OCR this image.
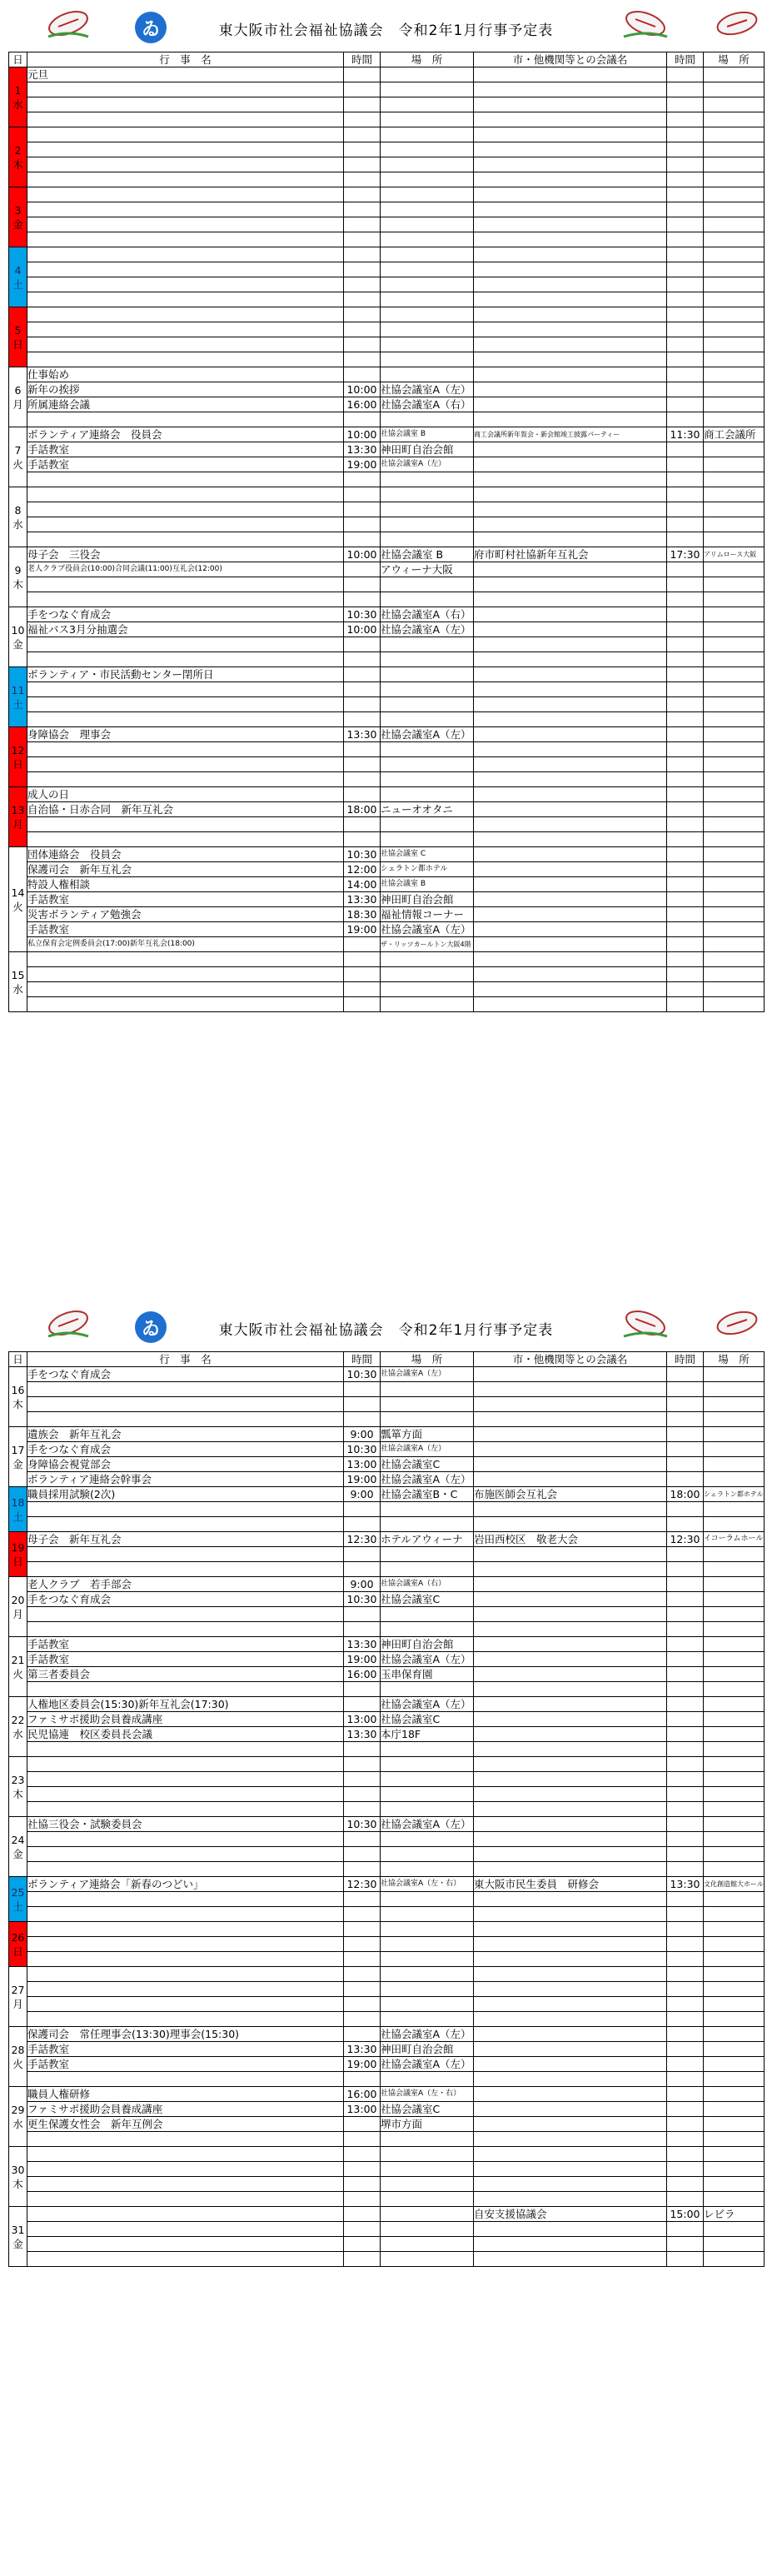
ゐ	東大阪市社会福祉協議会　令和2年1月行事予定表
日	行　事　名	時間	場　所	市・他機関等との会議名	時間	場　所

1
水	元旦					

2
木						

3
金						

4
土						

5
日						

6
月	仕事始め					
	新年の挨拶	10:00	社協会議室A（左）			
	所属連絡会議	16:00	社協会議室A（右）			

7
火	ボランティア連絡会　役員会	10:00	社協会議室 B	商工会議所新年賀会・新会館竣工披露パーティー	11:30	商工会議所
	手話教室	13:30	神田町自治会館			
	手話教室	19:00	社協会議室A（左）			

8
水						

9
木	母子会　三役会	10:00	社協会議室 B	府市町村社協新年互礼会	17:30	アリムロース大阪
	老人クラブ役員会(10:00)合同会議(11:00)互礼会(12:00)		アウィーナ大阪			

10
金	手をつなぐ育成会	10:30	社協会議室A（右）			
	福祉バス3月分抽選会	10:00	社協会議室A（左）			

11
土	ボランティア・市民活動センター閉所日					

12
日	身障協会　理事会	13:30	社協会議室A（左）			

13
月	成人の日					
	自治協・日赤合同　新年互礼会	18:00	ニューオオタニ			

14
火	団体連絡会　役員会	10:30	社協会議室 C			
	保護司会　新年互礼会	12:00	シェラトン都ホテル			
	特設人権相談	14:00	社協会議室 B			
	手話教室	13:30	神田町自治会館			
	災害ボランティア勉強会	18:30	福祉情報コーナー			
	手話教室	19:00	社協会議室A（左）			
	私立保育会定例委員会(17:00)新年互礼会(18:00)		ザ・リッツカールトン大阪4階			

15
水						

ゐ	東大阪市社会福祉協議会　令和2年1月行事予定表
日	行　事　名	時間	場　所	市・他機関等との会議名	時間	場　所

16
木	手をつなぐ育成会	10:30	社協会議室A（左）			

17
金	遺族会　新年互礼会	9:00	瓢箪方面			
	手をつなぐ育成会	10:30	社協会議室A（左）			
	身障協会視覚部会	13:00	社協会議室C			
	ボランティア連絡会幹事会	19:00	社協会議室A（左）			

18
土	職員採用試験(2次)	9:00	社協会議室B・C	布施医師会互礼会	18:00	シェラトン都ホテル

19
日	母子会　新年互礼会	12:30	ホテルアウィーナ	岩田西校区　敬老大会	12:30	イコーラムホール

20
月	老人クラブ　若手部会	9:00	社協会議室A（右）			
	手をつなぐ育成会	10:30	社協会議室C			

21
火	手話教室	13:30	神田町自治会館			
	手話教室	19:00	社協会議室A（左）			
	第三者委員会	16:00	玉串保育園			

22
水	人権地区委員会(15:30)新年互礼会(17:30)		社協会議室A（左）			
	ファミサポ援助会員養成講座	13:00	社協会議室C			
	民児協連　校区委員長会議	13:30	本庁18F			

23
木						

24
金	社協三役会・試験委員会	10:30	社協会議室A（左）			

25
土	ボランティア連絡会「新春のつどい」	12:30	社協会議室A（左・右）	東大阪市民生委員　研修会	13:30	文化創造館大ホール

26
日						

27
月						

28
火	保護司会　常任理事会(13:30)理事会(15:30)		社協会議室A（左）			
	手話教室	13:30	神田町自治会館			
	手話教室	19:00	社協会議室A（左）			

29
水	職員人権研修	16:00	社協会議室A（左・右）			
	ファミサポ援助会員養成講座	13:00	社協会議室C			
	更生保護女性会　新年互例会		堺市方面			

30
木						

31
金				自安支援協議会	15:00	レビラ
